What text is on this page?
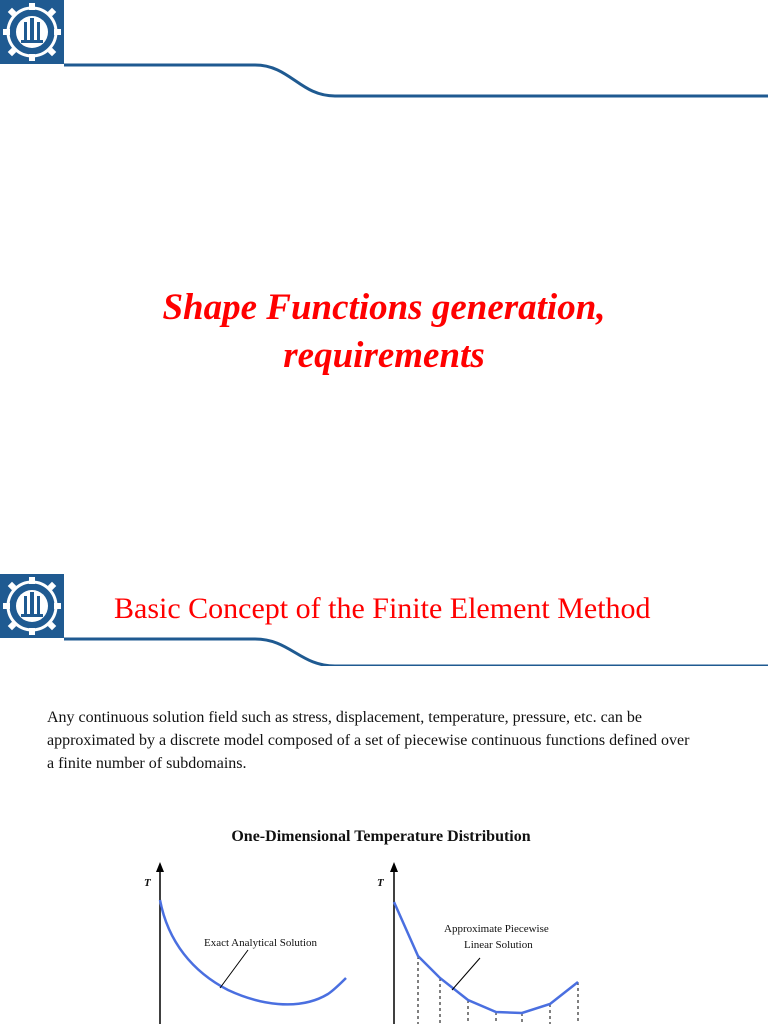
Shape Functions generation,
requirements
Basic Concept of the Finite Element Method
Any continuous solution field such as stress, displacement, temperature, pressure, etc. can be approximated by a discrete model composed of a set of piecewise continuous functions defined over a finite number of subdomains.
One-Dimensional Temperature Distribution
T
Exact Analytical Solution
T
Approximate Piecewise
Linear Solution
